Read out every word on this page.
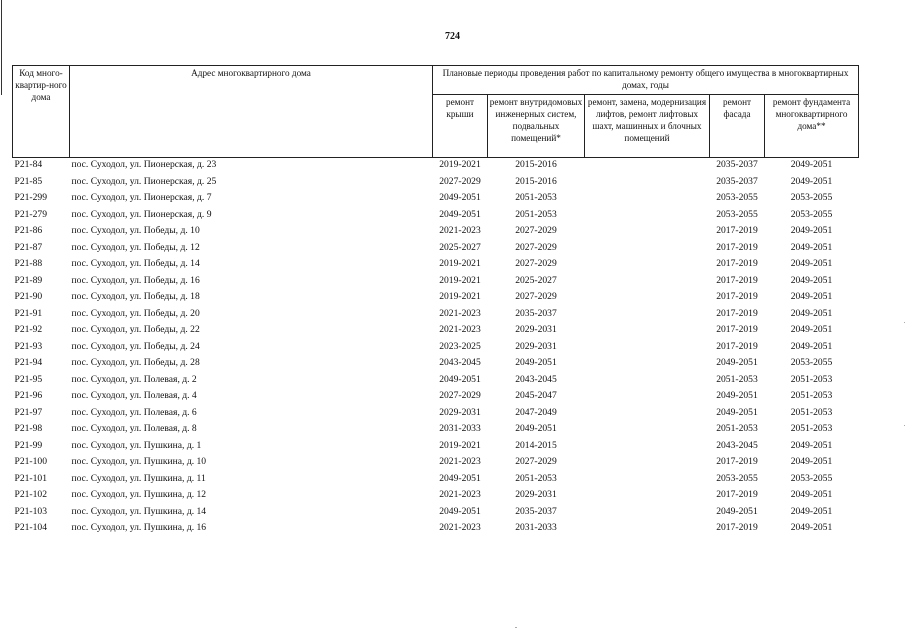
724
Код много-квартир-ного дома	Адрес многоквартирного дома	Плановые периоды проведения работ по капитальному ремонту общего имущества в многоквартирных домах, годы				
		ремонт крыши	ремонт внутридомовых инженерных систем, подвальных помещений*	ремонт, замена, модернизация лифтов, ремонт лифтовых шахт, машинных и блочных помещений	ремонт фасада	ремонт фундамента многоквартирного дома**
P21-84	пос. Суходол, ул. Пионерская, д. 23	2019-2021	2015-2016		2035-2037	2049-2051
P21-85	пос. Суходол, ул. Пионерская, д. 25	2027-2029	2015-2016		2035-2037	2049-2051
P21-299	пос. Суходол, ул. Пионерская, д. 7	2049-2051	2051-2053		2053-2055	2053-2055
P21-279	пос. Суходол, ул. Пионерская, д. 9	2049-2051	2051-2053		2053-2055	2053-2055
P21-86	пос. Суходол, ул. Победы, д. 10	2021-2023	2027-2029		2017-2019	2049-2051
P21-87	пос. Суходол, ул. Победы, д. 12	2025-2027	2027-2029		2017-2019	2049-2051
P21-88	пос. Суходол, ул. Победы, д. 14	2019-2021	2027-2029		2017-2019	2049-2051
P21-89	пос. Суходол, ул. Победы, д. 16	2019-2021	2025-2027		2017-2019	2049-2051
P21-90	пос. Суходол, ул. Победы, д. 18	2019-2021	2027-2029		2017-2019	2049-2051
P21-91	пос. Суходол, ул. Победы, д. 20	2021-2023	2035-2037		2017-2019	2049-2051
P21-92	пос. Суходол, ул. Победы, д. 22	2021-2023	2029-2031		2017-2019	2049-2051
P21-93	пос. Суходол, ул. Победы, д. 24	2023-2025	2029-2031		2017-2019	2049-2051
P21-94	пос. Суходол, ул. Победы, д. 28	2043-2045	2049-2051		2049-2051	2053-2055
P21-95	пос. Суходол, ул. Полевая, д. 2	2049-2051	2043-2045		2051-2053	2051-2053
P21-96	пос. Суходол, ул. Полевая, д. 4	2027-2029	2045-2047		2049-2051	2051-2053
P21-97	пос. Суходол, ул. Полевая, д. 6	2029-2031	2047-2049		2049-2051	2051-2053
P21-98	пос. Суходол, ул. Полевая, д. 8	2031-2033	2049-2051		2051-2053	2051-2053
P21-99	пос. Суходол, ул. Пушкина, д. 1	2019-2021	2014-2015		2043-2045	2049-2051
P21-100	пос. Суходол, ул. Пушкина, д. 10	2021-2023	2027-2029		2017-2019	2049-2051
P21-101	пос. Суходол, ул. Пушкина, д. 11	2049-2051	2051-2053		2053-2055	2053-2055
P21-102	пос. Суходол, ул. Пушкина, д. 12	2021-2023	2029-2031		2017-2019	2049-2051
P21-103	пос. Суходол, ул. Пушкина, д. 14	2049-2051	2035-2037		2049-2051	2049-2051
P21-104	пос. Суходол, ул. Пушкина, д. 16	2021-2023	2031-2033		2017-2019	2049-2051
